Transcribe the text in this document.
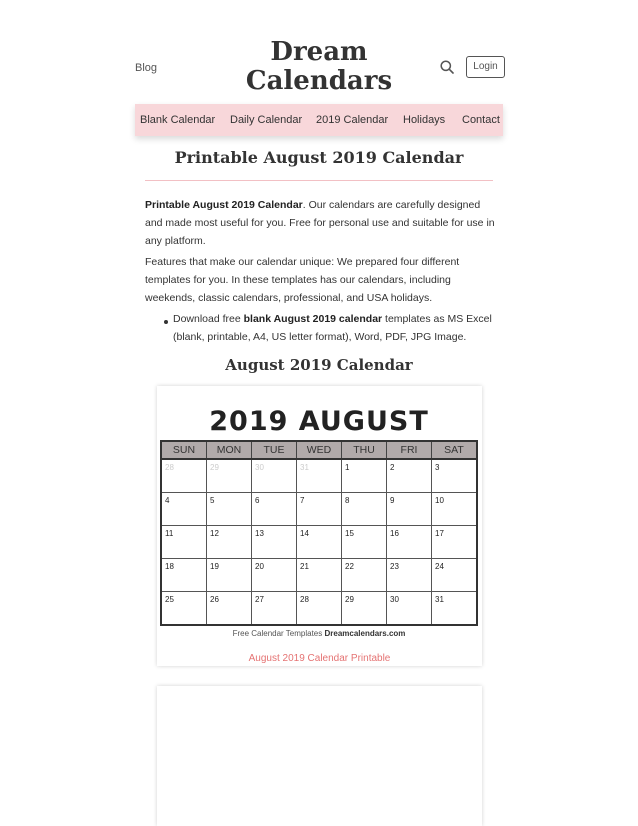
Blog
Dream
Calendars	Login
Blank Calendar Daily Calendar 2019 Calendar Holidays Contact
Printable August 2019 Calendar

Printable August 2019 Calendar. Our calendars are carefully designed and made most useful for you. Free for personal use and suitable for use in any platform.

Features that make our calendar unique: We prepared four different templates for you. In these templates has our calendars, including weekends, classic calendars, professional, and USA holidays.

Download free blank August 2019 calendar templates as MS Excel (blank, printable, A4, US letter format), Word, PDF, JPG Image.

August 2019 Calendar
2019 AUGUST
SUN	MON	TUE	WED	THU	FRI	SAT
28	29	30	31	1	2	3
4	5	6	7	8	9	10
11	12	13	14	15	16	17
18	19	20	21	22	23	24
25	26	27	28	29	30	31
Free Calendar Templates Dreamcalendars.com
August 2019 Calendar Printable
